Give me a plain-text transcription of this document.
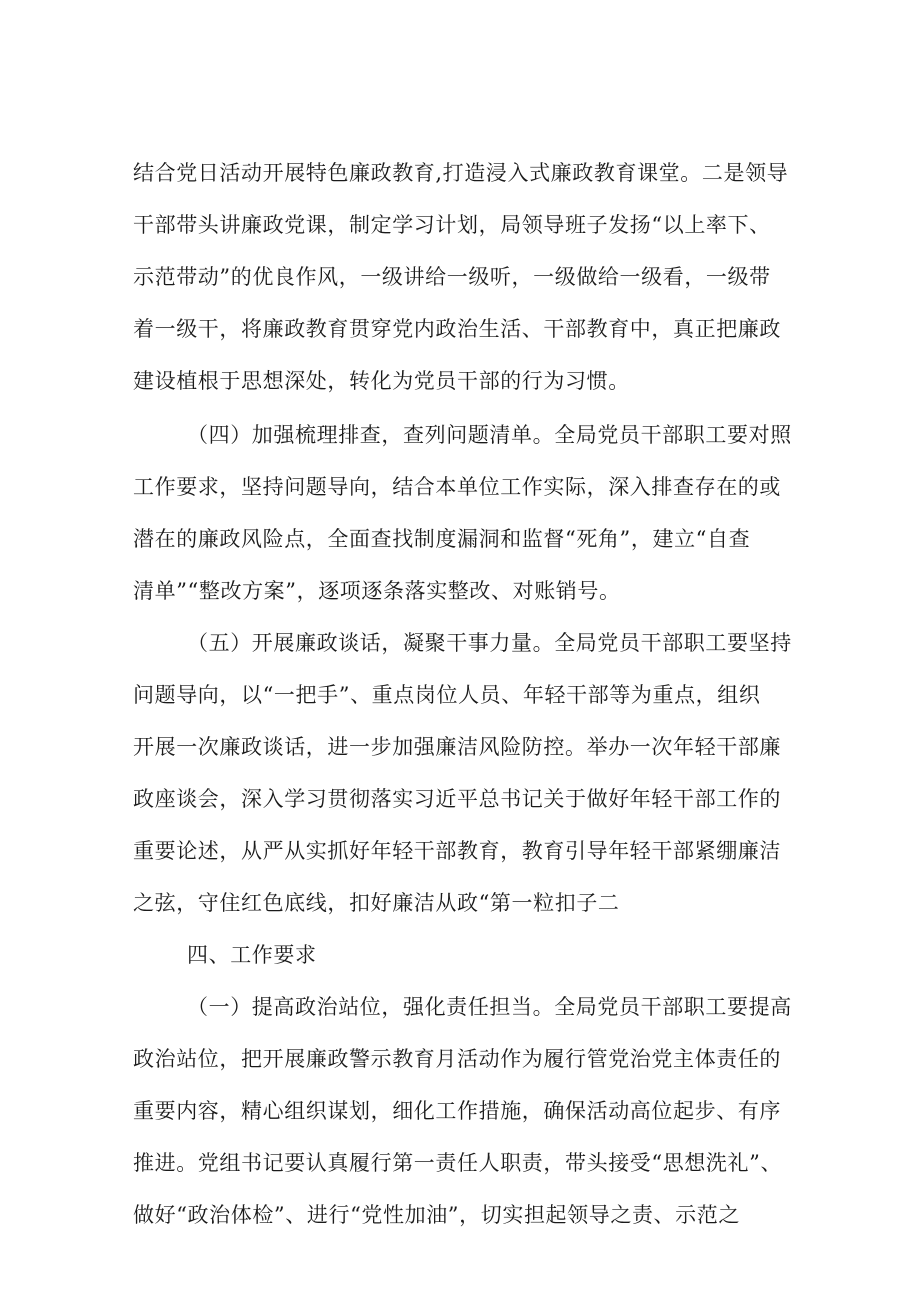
结合党日活动开展特色廉政教育,打造浸入式廉政教育课堂。二是领导
干部带头讲廉政党课，制定学习计划，局领导班子发扬“以上率下、
示范带动”的优良作风，一级讲给一级听，一级做给一级看，一级带
着一级干，将廉政教育贯穿党内政治生活、干部教育中，真正把廉政
建设植根于思想深处，转化为党员干部的行为习惯。
（四）加强梳理排查，查列问题清单。全局党员干部职工要对照
工作要求，坚持问题导向，结合本单位工作实际，深入排查存在的或
潜在的廉政风险点，全面查找制度漏洞和监督“死角”，建立“自查
清单”“整改方案”，逐项逐条落实整改、对账销号。
（五）开展廉政谈话，凝聚干事力量。全局党员干部职工要坚持
问题导向，以“一把手”、重点岗位人员、年轻干部等为重点，组织
开展一次廉政谈话，进一步加强廉洁风险防控。举办一次年轻干部廉
政座谈会，深入学习贯彻落实习近平总书记关于做好年轻干部工作的
重要论述，从严从实抓好年轻干部教育，教育引导年轻干部紧绷廉洁
之弦，守住红色底线，扣好廉洁从政“第一粒扣子二
四、工作要求
（一）提高政治站位，强化责任担当。全局党员干部职工要提高
政治站位，把开展廉政警示教育月活动作为履行管党治党主体责任的
重要内容，精心组织谋划，细化工作措施，确保活动高位起步、有序
推进。党组书记要认真履行第一责任人职责，带头接受“思想洗礼”、
做好“政治体检”、进行“党性加油”，切实担起领导之责、示范之
